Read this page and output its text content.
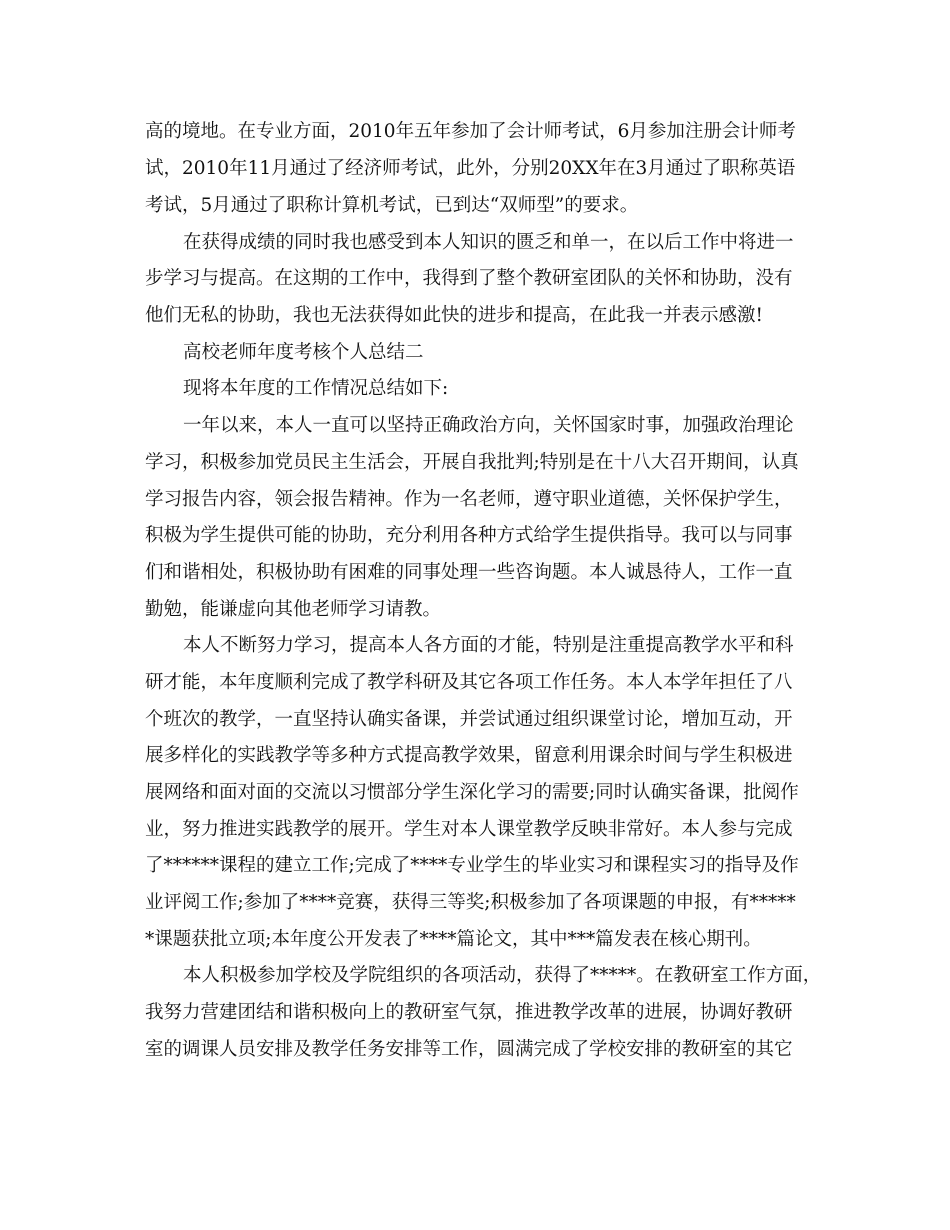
高的境地。在专业方面，2010年五年参加了会计师考试，6月参加注册会计师考
试，2010年11月通过了经济师考试，此外，分别20XX年在3月通过了职称英语
考试，5月通过了职称计算机考试，已到达“双师型”的要求。
在获得成绩的同时我也感受到本人知识的匮乏和单一，在以后工作中将进一
步学习与提高。在这期的工作中，我得到了整个教研室团队的关怀和协助，没有
他们无私的协助，我也无法获得如此快的进步和提高，在此我一并表示感激!
高校老师年度考核个人总结二
现将本年度的工作情况总结如下:
一年以来，本人一直可以坚持正确政治方向，关怀国家时事，加强政治理论
学习，积极参加党员民主生活会，开展自我批判;特别是在十八大召开期间，认真
学习报告内容，领会报告精神。作为一名老师，遵守职业道德，关怀保护学生，
积极为学生提供可能的协助，充分利用各种方式给学生提供指导。我可以与同事
们和谐相处，积极协助有困难的同事处理一些咨询题。本人诚恳待人，工作一直
勤勉，能谦虚向其他老师学习请教。
本人不断努力学习，提高本人各方面的才能，特别是注重提高教学水平和科
研才能，本年度顺利完成了教学科研及其它各项工作任务。本人本学年担任了八
个班次的教学，一直坚持认确实备课，并尝试通过组织课堂讨论，增加互动，开
展多样化的实践教学等多种方式提高教学效果，留意利用课余时间与学生积极进
展网络和面对面的交流以习惯部分学生深化学习的需要;同时认确实备课，批阅作
业，努力推进实践教学的展开。学生对本人课堂教学反映非常好。本人参与完成
了******课程的建立工作;完成了****专业学生的毕业实习和课程实习的指导及作
业评阅工作;参加了****竞赛，获得三等奖;积极参加了各项课题的申报，有*****
*课题获批立项;本年度公开发表了****篇论文，其中***篇发表在核心期刊。
本人积极参加学校及学院组织的各项活动，获得了*****。在教研室工作方面，
我努力营建团结和谐积极向上的教研室气氛，推进教学改革的进展，协调好教研
室的调课人员安排及教学任务安排等工作，圆满完成了学校安排的教研室的其它
